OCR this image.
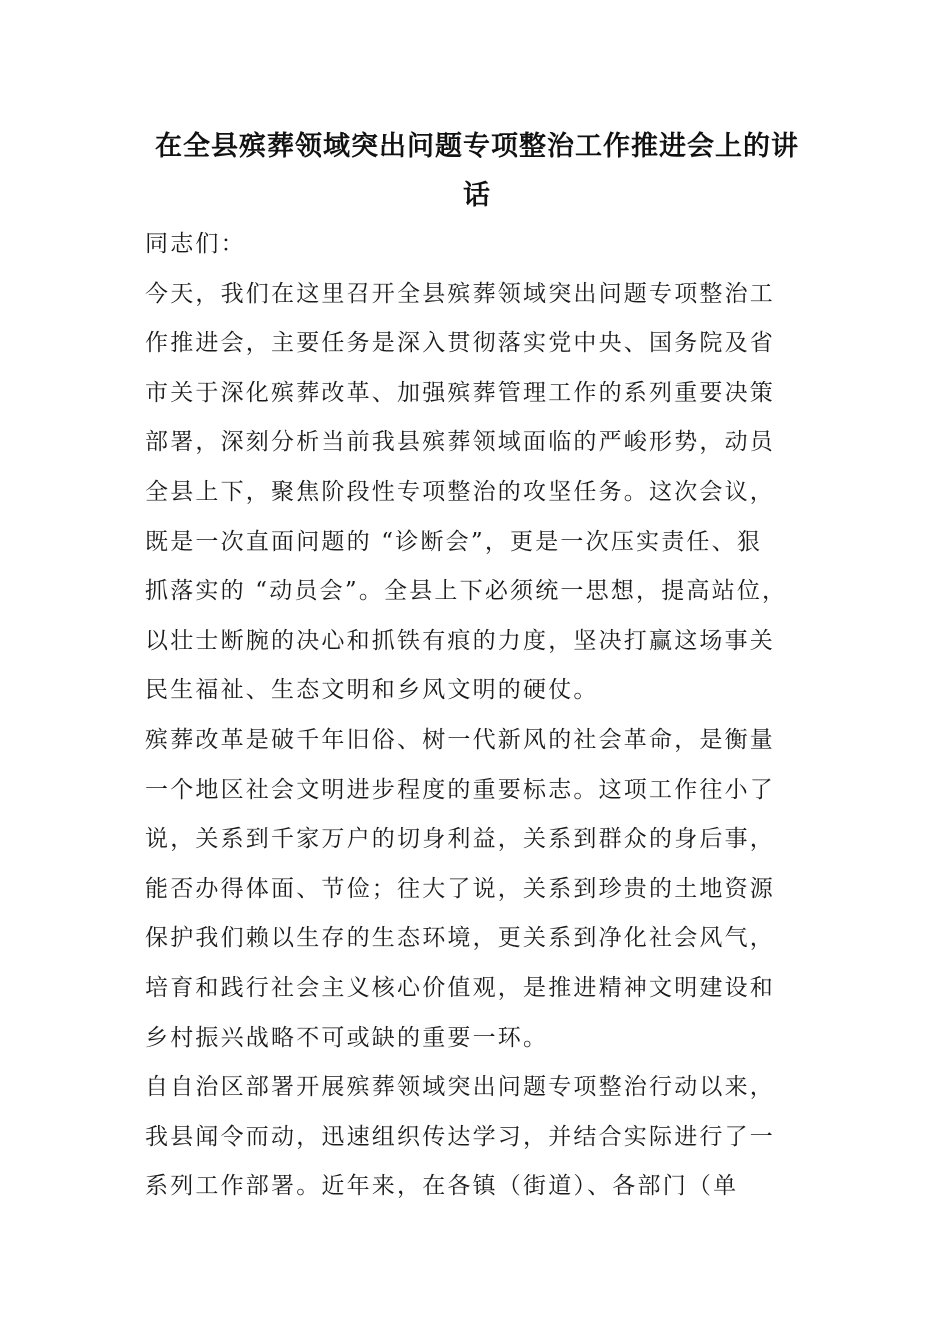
在全县殡葬领域突出问题专项整治工作推进会上的讲话
同志们：
今天，我们在这里召开全县殡葬领域突出问题专项整治工
作推进会，主要任务是深入贯彻落实党中央、国务院及省
市关于深化殡葬改革、加强殡葬管理工作的系列重要决策
部署，深刻分析当前我县殡葬领域面临的严峻形势，动员
全县上下，聚焦阶段性专项整治的攻坚任务。这次会议，
既是一次直面问题的 “诊断会”，更是一次压实责任、狠
抓落实的 “动员会”。全县上下必须统一思想，提高站位，
以壮士断腕的决心和抓铁有痕的力度，坚决打赢这场事关
民生福祉、生态文明和乡风文明的硬仗。
殡葬改革是破千年旧俗、树一代新风的社会革命，是衡量
一个地区社会文明进步程度的重要标志。这项工作往小了
说，关系到千家万户的切身利益，关系到群众的身后事，
能否办得体面、节俭；往大了说，关系到珍贵的土地资源
保护我们赖以生存的生态环境，更关系到净化社会风气，
培育和践行社会主义核心价值观，是推进精神文明建设和
乡村振兴战略不可或缺的重要一环。
自自治区部署开展殡葬领域突出问题专项整治行动以来，
我县闻令而动，迅速组织传达学习，并结合实际进行了一
系列工作部署。近年来，在各镇（街道）、各部门（单
